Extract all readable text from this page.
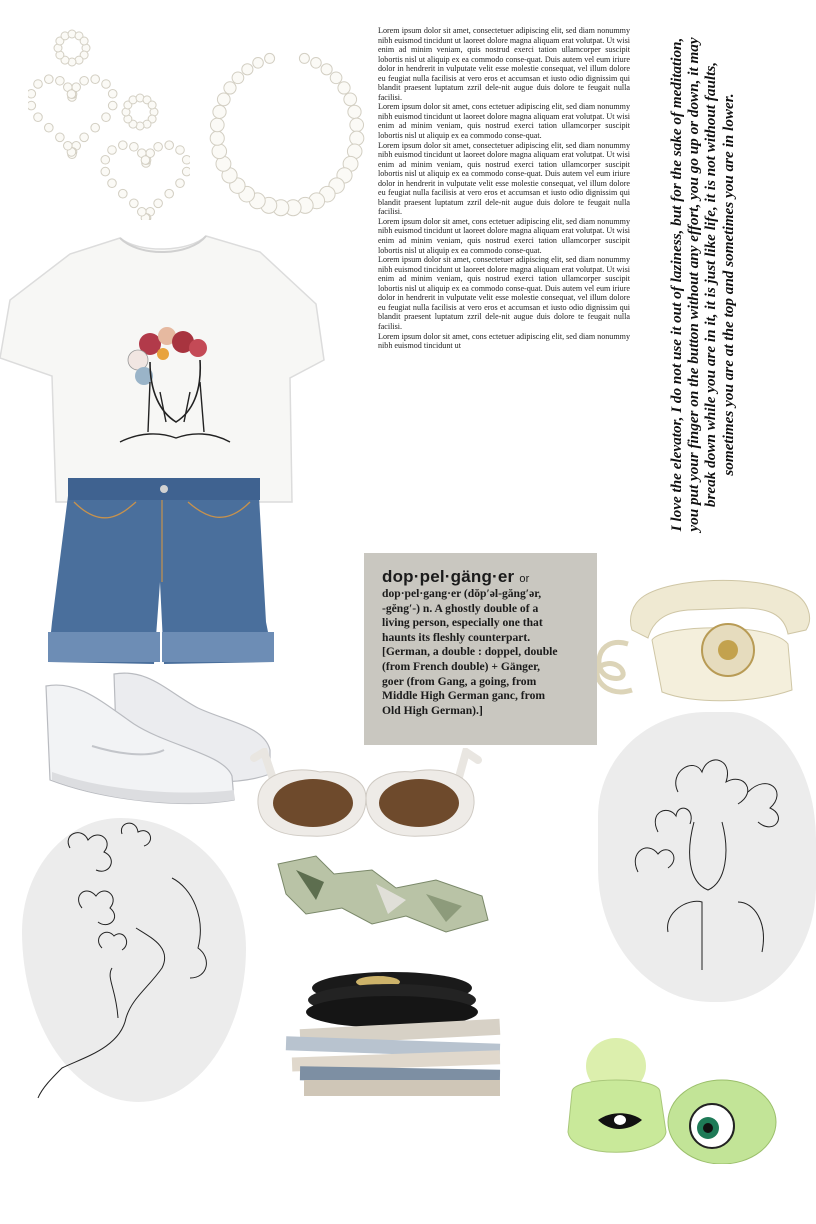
Lorem ipsum dolor sit amet, consectetuer adipiscing elit, sed diam nonummy nibh euismod tincidunt ut laoreet dolore magna aliquam erat volutpat. Ut wisi enim ad minim veniam, quis nostrud exerci tation ullamcorper suscipit lobortis nisl ut aliquip ex ea commodo conse-quat. Duis autem vel eum iriure dolor in hendrerit in vulputate velit esse molestie consequat, vel illum dolore eu feugiat nulla facilisis at vero eros et accumsan et iusto odio dignissim qui blandit praesent luptatum zzril dele-nit augue duis dolore te feugait nulla facilisi.

Lorem ipsum dolor sit amet, cons ectetuer adipiscing elit, sed diam nonummy nibh euismod tincidunt ut laoreet dolore magna aliquam erat volutpat. Ut wisi enim ad minim veniam, quis nostrud exerci tation ullamcorper suscipit lobortis nisl ut aliquip ex ea commodo conse-quat.

Lorem ipsum dolor sit amet, consectetuer adipiscing elit, sed diam nonummy nibh euismod tincidunt ut laoreet dolore magna aliquam erat volutpat. Ut wisi enim ad minim veniam, quis nostrud exerci tation ullamcorper suscipit lobortis nisl ut aliquip ex ea commodo conse-quat. Duis autem vel eum iriure dolor in hendrerit in vulputate velit esse molestie consequat, vel illum dolore eu feugiat nulla facilisis at vero eros et accumsan et iusto odio dignissim qui blandit praesent luptatum zzril dele-nit augue duis dolore te feugait nulla facilisi.

Lorem ipsum dolor sit amet, cons ectetuer adipiscing elit, sed diam nonummy nibh euismod tincidunt ut laoreet dolore magna aliquam erat volutpat. Ut wisi enim ad minim veniam, quis nostrud exerci tation ullamcorper suscipit lobortis nisl ut aliquip ex ea commodo conse-quat.

Lorem ipsum dolor sit amet, consectetuer adipiscing elit, sed diam nonummy nibh euismod tincidunt ut laoreet dolore magna aliquam erat volutpat. Ut wisi enim ad minim veniam, quis nostrud exerci tation ullamcorper suscipit lobortis nisl ut aliquip ex ea commodo conse-quat. Duis autem vel eum iriure dolor in hendrerit in vulputate velit esse molestie consequat, vel illum dolore eu feugiat nulla facilisis at vero eros et accumsan et iusto odio dignissim qui blandit praesent luptatum zzril dele-nit augue duis dolore te feugait nulla facilisi.

Lorem ipsum dolor sit amet, cons ectetuer adipiscing elit, sed diam nonummy nibh euismod tincidunt ut	I love the elevator, I do not use it out of laziness, but for the sake of meditation, you put your finger on the button without any effort, you go up or down, it may break down while you are in it, it is just like life, it is not without faults, sometimes you are at the top and sometimes you are in lower.
dop·pel·gäng·er or
dop·pel·gang·er (dŏp′əl-găng′ər,
-gĕng′-) n. A ghostly double of a
living person, especially one that
haunts its fleshly counterpart.
[German, a double : doppel, double
(from French double) + Gänger,
goer (from Gang, a going, from
Middle High German ganc, from
Old High German).]
